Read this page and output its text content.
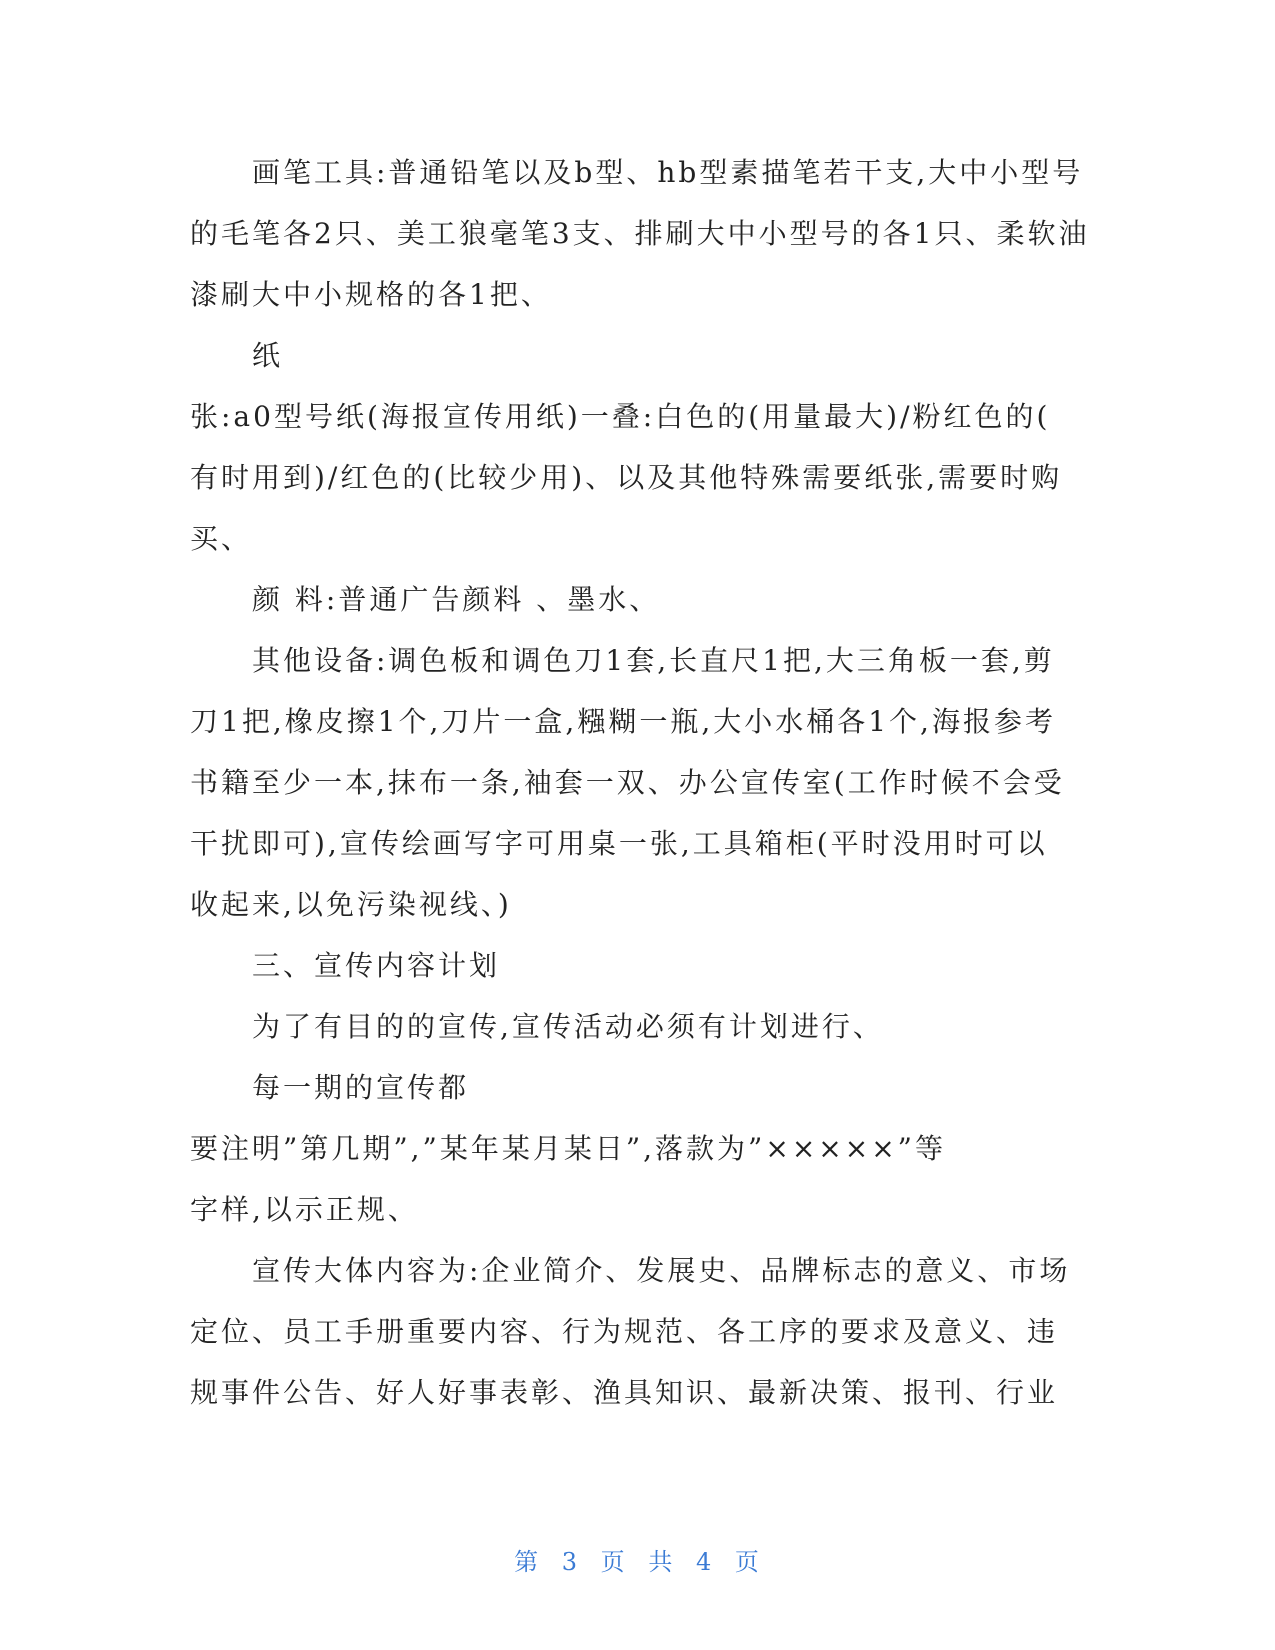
画笔工具:普通铅笔以及b型、hb型素描笔若干支,大中小型号
的毛笔各2只、美工狼毫笔3支、排刷大中小型号的各1只、柔软油
漆刷大中小规格的各1把、
纸
张:a0型号纸(海报宣传用纸)一叠:白色的(用量最大)/粉红色的(
有时用到)/红色的(比较少用)、以及其他特殊需要纸张,需要时购
买、
颜 料:普通广告颜料 、墨水、
其他设备:调色板和调色刀1套,长直尺1把,大三角板一套,剪
刀1把,橡皮擦1个,刀片一盒,糨糊一瓶,大小水桶各1个,海报参考
书籍至少一本,抹布一条,袖套一双、办公宣传室(工作时候不会受
干扰即可),宣传绘画写字可用桌一张,工具箱柜(平时没用时可以
收起来,以免污染视线、)
三、宣传内容计划
为了有目的的宣传,宣传活动必须有计划进行、
每一期的宣传都
要注明”第几期”,”某年某月某日”,落款为”×××××”等
字样,以示正规、
宣传大体内容为:企业简介、发展史、品牌标志的意义、市场
定位、员工手册重要内容、行为规范、各工序的要求及意义、违
规事件公告、好人好事表彰、渔具知识、最新决策、报刊、行业
第 3 页 共 4 页
